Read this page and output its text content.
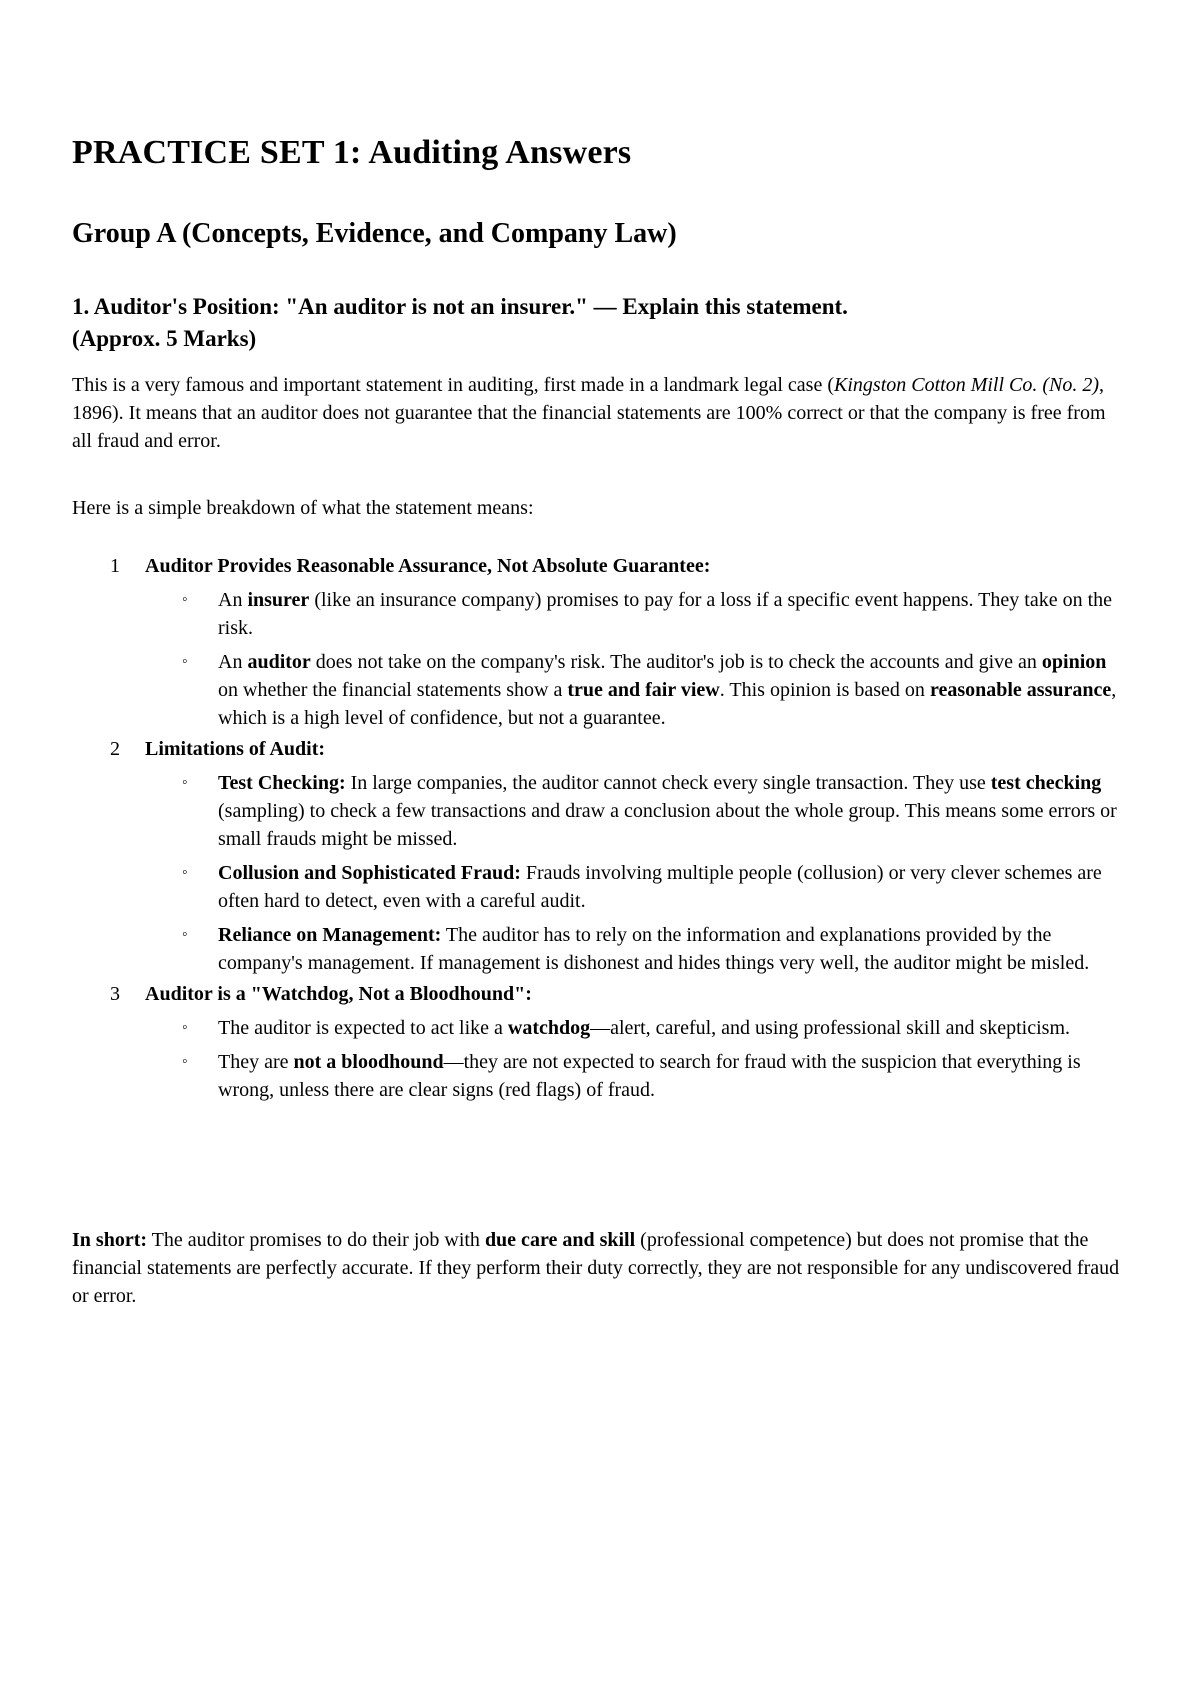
PRACTICE SET 1: Auditing Answers
Group A (Concepts, Evidence, and Company Law)
1. Auditor's Position: "An auditor is not an insurer." — Explain this statement.
(Approx. 5 Marks)

This is a very famous and important statement in auditing, first made in a landmark legal case (Kingston Cotton Mill Co. (No. 2), 1896). It means that an auditor does not guarantee that the financial statements are 100% correct or that the company is free from all fraud and error.

Here is a simple breakdown of what the statement means:

1 Auditor Provides Reasonable Assurance, Not Absolute Guarantee:
◦ An insurer (like an insurance company) promises to pay for a loss if a specific event happens. They take on the risk.
◦ An auditor does not take on the company's risk. The auditor's job is to check the accounts and give an opinion on whether the financial statements show a true and fair view. This opinion is based on reasonable assurance, which is a high level of confidence, but not a guarantee.
2 Limitations of Audit:
◦ Test Checking: In large companies, the auditor cannot check every single transaction. They use test checking (sampling) to check a few transactions and draw a conclusion about the whole group. This means some errors or small frauds might be missed.
◦ Collusion and Sophisticated Fraud: Frauds involving multiple people (collusion) or very clever schemes are often hard to detect, even with a careful audit.
◦ Reliance on Management: The auditor has to rely on the information and explanations provided by the company's management. If management is dishonest and hides things very well, the auditor might be misled.
3 Auditor is a "Watchdog, Not a Bloodhound":
◦ The auditor is expected to act like a watchdog—alert, careful, and using professional skill and skepticism.
◦ They are not a bloodhound—they are not expected to search for fraud with the suspicion that everything is wrong, unless there are clear signs (red flags) of fraud.

In short: The auditor promises to do their job with due care and skill (professional competence) but does not promise that the financial statements are perfectly accurate. If they perform their duty correctly, they are not responsible for any undiscovered fraud or error.
